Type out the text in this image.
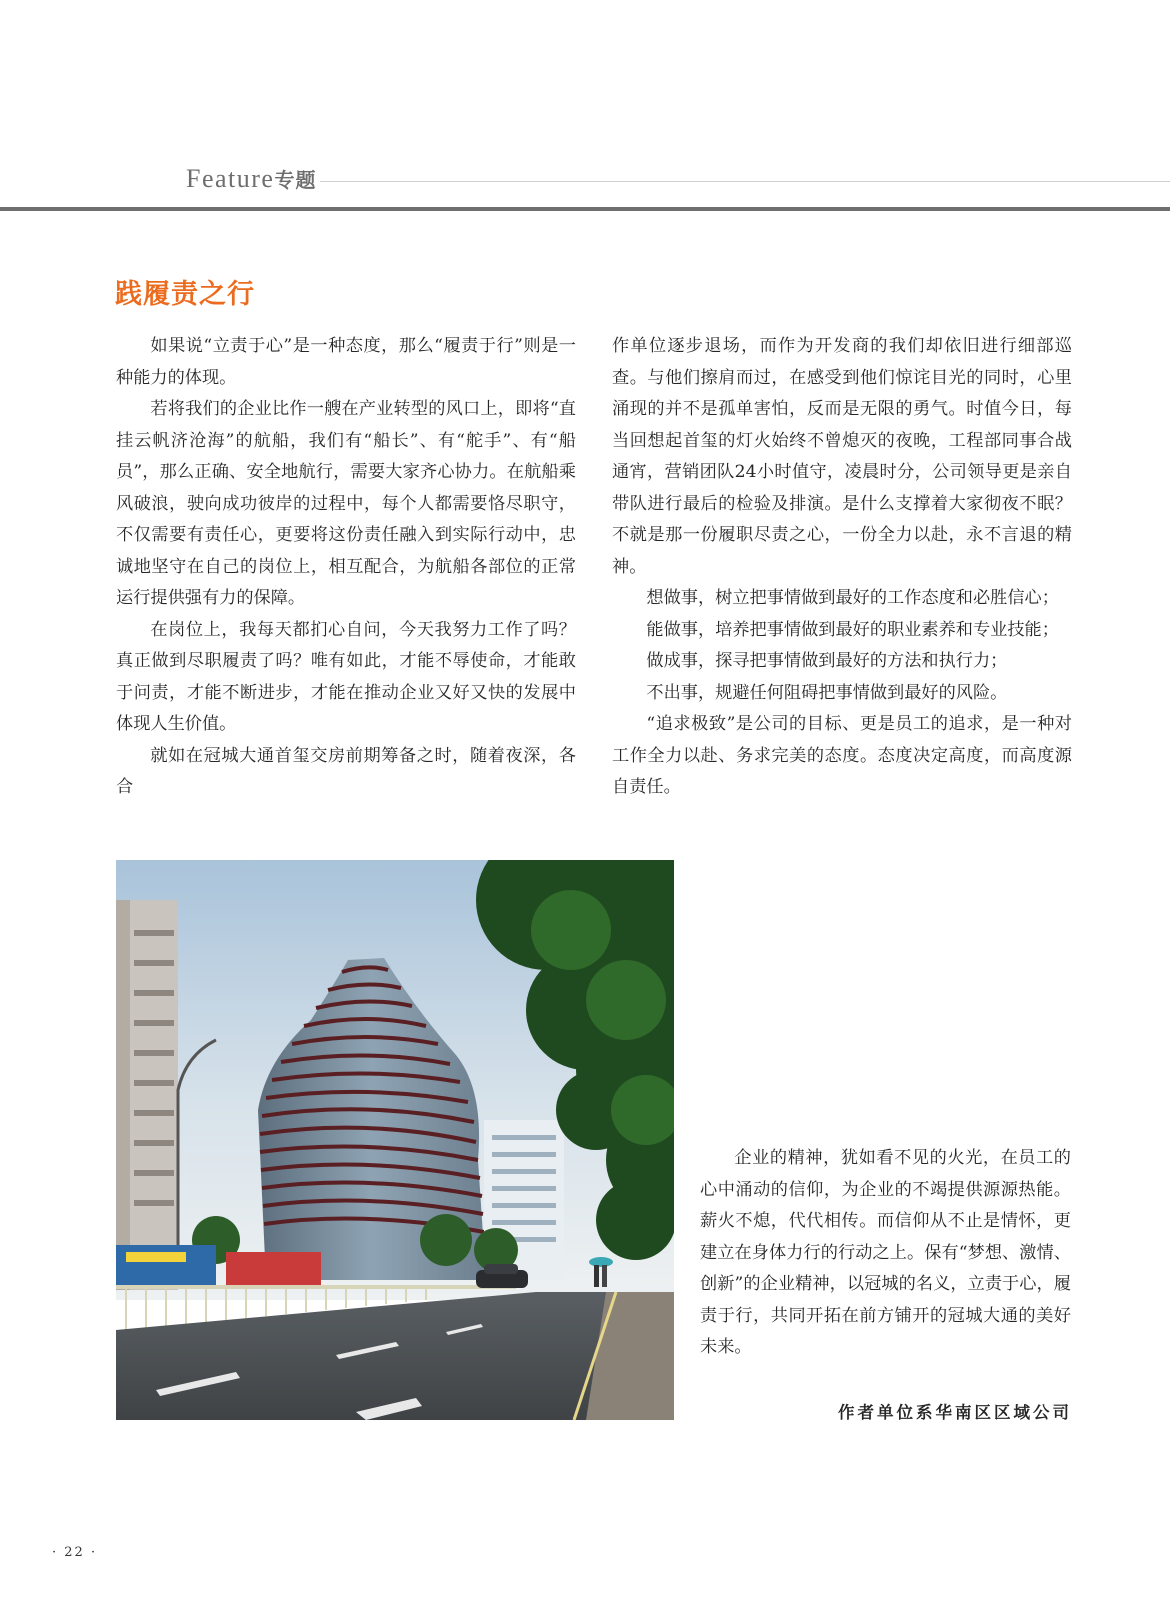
Feature专题
践履责之行

如果说“立责于心”是一种态度，那么“履责于行”则是一种能力的体现。

若将我们的企业比作一艘在产业转型的风口上，即将“直挂云帆济沧海”的航船，我们有“船长”、有“舵手”、有“船员”，那么正确、安全地航行，需要大家齐心协力。在航船乘风破浪，驶向成功彼岸的过程中，每个人都需要恪尽职守，不仅需要有责任心，更要将这份责任融入到实际行动中，忠诚地坚守在自己的岗位上，相互配合，为航船各部位的正常运行提供强有力的保障。

在岗位上，我每天都扪心自问，今天我努力工作了吗？真正做到尽职履责了吗？唯有如此，才能不辱使命，才能敢于问责，才能不断进步，才能在推动企业又好又快的发展中体现人生价值。

就如在冠城大通首玺交房前期筹备之时，随着夜深，各合

作单位逐步退场，而作为开发商的我们却依旧进行细部巡查。与他们擦肩而过，在感受到他们惊诧目光的同时，心里涌现的并不是孤单害怕，反而是无限的勇气。时值今日，每当回想起首玺的灯火始终不曾熄灭的夜晚，工程部同事合战通宵，营销团队24小时值守，凌晨时分，公司领导更是亲自带队进行最后的检验及排演。是什么支撑着大家彻夜不眠？不就是那一份履职尽责之心，一份全力以赴，永不言退的精神。

想做事，树立把事情做到最好的工作态度和必胜信心；

能做事，培养把事情做到最好的职业素养和专业技能；

做成事，探寻把事情做到最好的方法和执行力；

不出事，规避任何阻碍把事情做到最好的风险。

“追求极致”是公司的目标、更是员工的追求，是一种对工作全力以赴、务求完美的态度。态度决定高度，而高度源自责任。

企业的精神，犹如看不见的火光，在员工的心中涌动的信仰，为企业的不竭提供源源热能。薪火不熄，代代相传。而信仰从不止是情怀，更建立在身体力行的行动之上。保有“梦想、激情、创新”的企业精神，以冠城的名义，立责于心，履责于行，共同开拓在前方铺开的冠城大通的美好未来。

作者单位系华南区区域公司
· 22 ·
